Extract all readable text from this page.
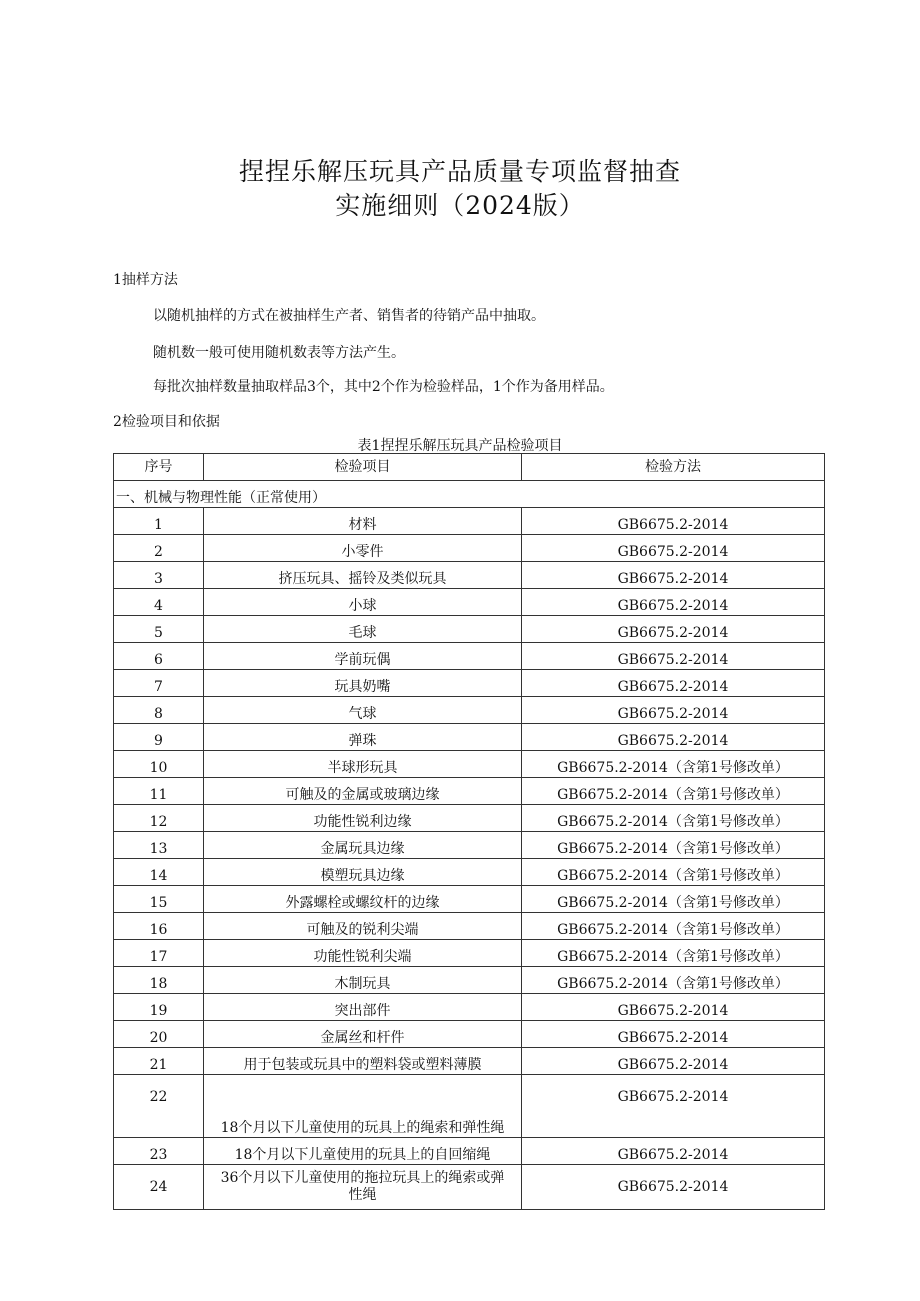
捏捏乐解压玩具产品质量专项监督抽查
实施细则（2024版）
1抽样方法
以随机抽样的方式在被抽样生产者、销售者的待销产品中抽取。
随机数一般可使用随机数表等方法产生。
每批次抽样数量抽取样品3个，其中2个作为检验样品，1个作为备用样品。
2检验项目和依据
表1捏捏乐解压玩具产品检验项目
序号	检验项目	检验方法
一、机械与物理性能（正常使用）		
1	材料	GB6675.2-2014
2	小零件	GB6675.2-2014
3	挤压玩具、摇铃及类似玩具	GB6675.2-2014
4	小球	GB6675.2-2014
5	毛球	GB6675.2-2014
6	学前玩偶	GB6675.2-2014
7	玩具奶嘴	GB6675.2-2014
8	气球	GB6675.2-2014
9	弹珠	GB6675.2-2014
10	半球形玩具	GB6675.2-2014（含第1号修改单）
11	可触及的金属或玻璃边缘	GB6675.2-2014（含第1号修改单）
12	功能性锐利边缘	GB6675.2-2014（含第1号修改单）
13	金属玩具边缘	GB6675.2-2014（含第1号修改单）
14	模塑玩具边缘	GB6675.2-2014（含第1号修改单）
15	外露螺栓或螺纹杆的边缘	GB6675.2-2014（含第1号修改单）
16	可触及的锐利尖端	GB6675.2-2014（含第1号修改单）
17	功能性锐利尖端	GB6675.2-2014（含第1号修改单）
18	木制玩具	GB6675.2-2014（含第1号修改单）
19	突出部件	GB6675.2-2014
20	金属丝和杆件	GB6675.2-2014
21	用于包装或玩具中的塑料袋或塑料薄膜	GB6675.2-2014
22	18个月以下儿童使用的玩具上的绳索和弹性绳	GB6675.2-2014
23	18个月以下儿童使用的玩具上的自回缩绳	GB6675.2-2014
24	36个月以下儿童使用的拖拉玩具上的绳索或弹
性绳	GB6675.2-2014
